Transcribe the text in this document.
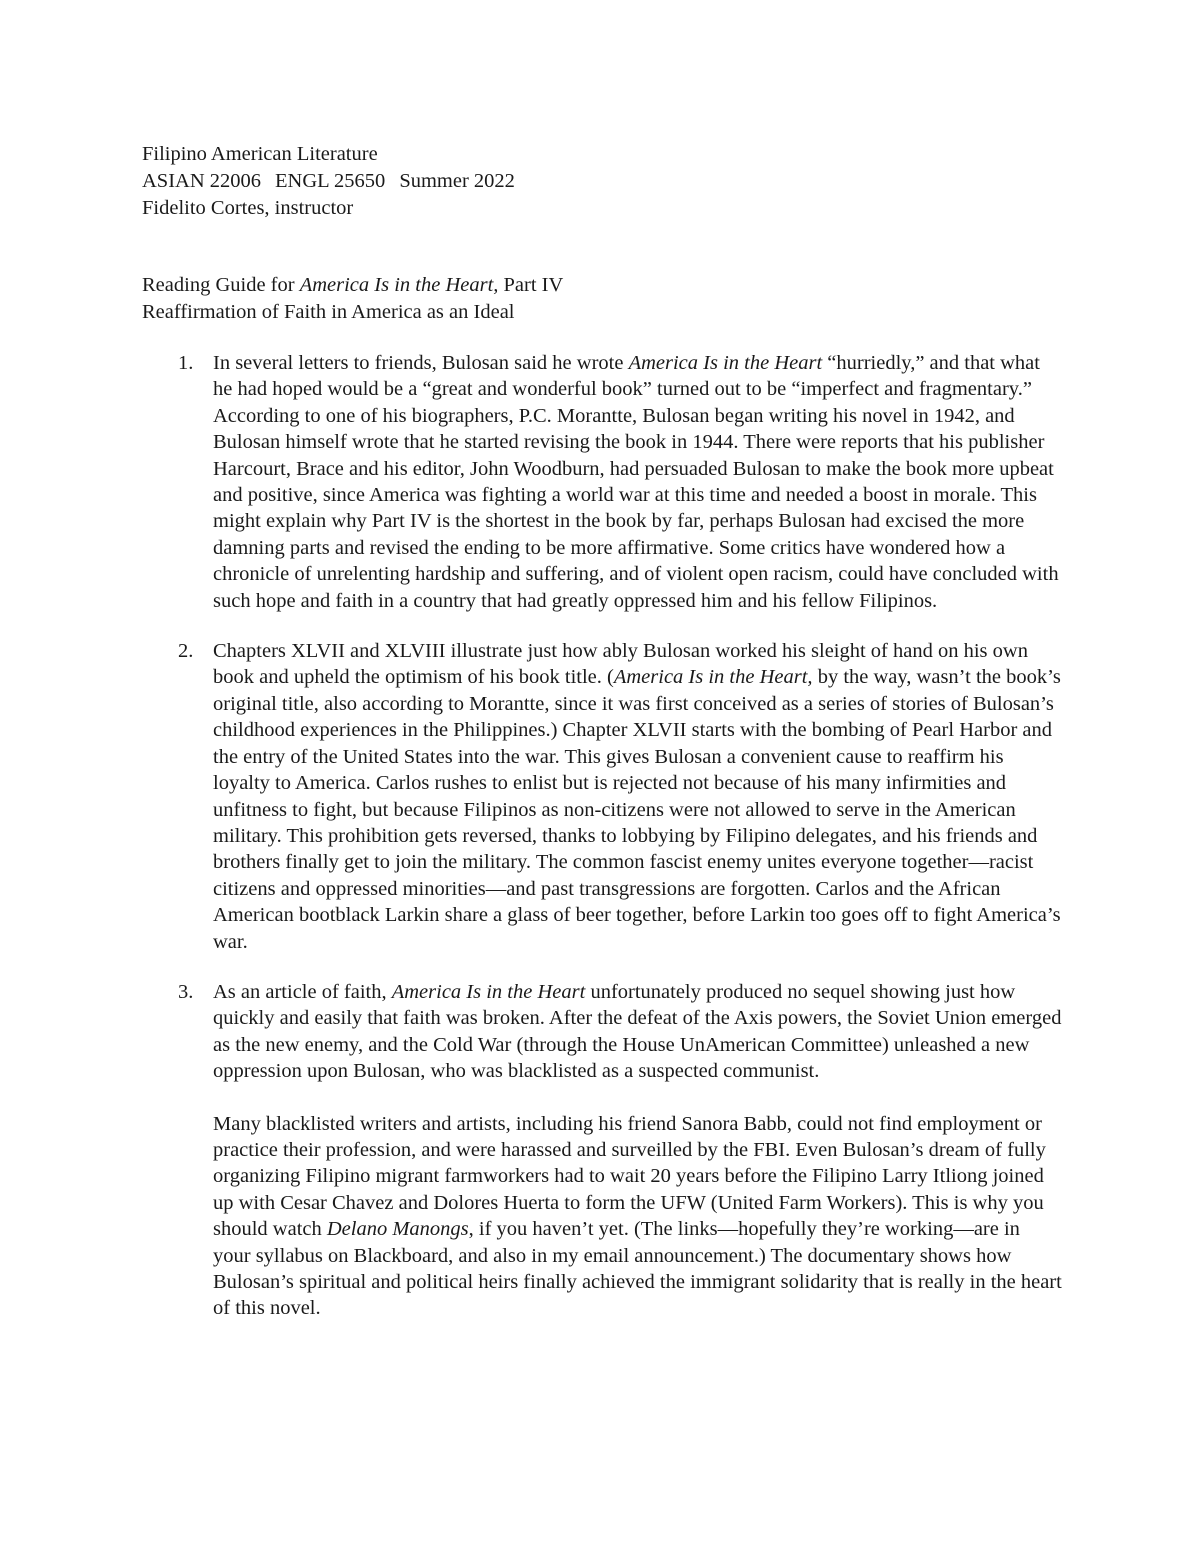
Filipino American Literature

ASIAN 22006 ENGL 25650 Summer 2022

Fidelito Cortes, instructor

Reading Guide for America Is in the Heart, Part IV

Reaffirmation of Faith in America as an Ideal

1. In several letters to friends, Bulosan said he wrote America Is in the Heart “hurriedly,” and that what he had hoped would be a “great and wonderful book” turned out to be “imperfect and fragmentary.” According to one of his biographers, P.C. Morantte, Bulosan began writing his novel in 1942, and Bulosan himself wrote that he started revising the book in 1944. There were reports that his publisher Harcourt, Brace and his editor, John Woodburn, had persuaded Bulosan to make the book more upbeat and positive, since America was fighting a world war at this time and needed a boost in morale. This might explain why Part IV is the shortest in the book by far, perhaps Bulosan had excised the more damning parts and revised the ending to be more affirmative. Some critics have wondered how a chronicle of unrelenting hardship and suffering, and of violent open racism, could have concluded with such hope and faith in a country that had greatly oppressed him and his fellow Filipinos.

2. Chapters XLVII and XLVIII illustrate just how ably Bulosan worked his sleight of hand on his own book and upheld the optimism of his book title. (America Is in the Heart, by the way, wasn’t the book’s original title, also according to Morantte, since it was first conceived as a series of stories of Bulosan’s childhood experiences in the Philippines.) Chapter XLVII starts with the bombing of Pearl Harbor and the entry of the United States into the war. This gives Bulosan a convenient cause to reaffirm his loyalty to America. Carlos rushes to enlist but is rejected not because of his many infirmities and unfitness to fight, but because Filipinos as non-citizens were not allowed to serve in the American military. This prohibition gets reversed, thanks to lobbying by Filipino delegates, and his friends and brothers finally get to join the military. The common fascist enemy unites everyone together—racist citizens and oppressed minorities—and past transgressions are forgotten. Carlos and the African American bootblack Larkin share a glass of beer together, before Larkin too goes off to fight America’s war.

3. As an article of faith, America Is in the Heart unfortunately produced no sequel showing just how quickly and easily that faith was broken. After the defeat of the Axis powers, the Soviet Union emerged as the new enemy, and the Cold War (through the House UnAmerican Committee) unleashed a new oppression upon Bulosan, who was blacklisted as a suspected communist.

Many blacklisted writers and artists, including his friend Sanora Babb, could not find employment or practice their profession, and were harassed and surveilled by the FBI. Even Bulosan’s dream of fully organizing Filipino migrant farmworkers had to wait 20 years before the Filipino Larry Itliong joined up with Cesar Chavez and Dolores Huerta to form the UFW (United Farm Workers). This is why you should watch Delano Manongs, if you haven’t yet. (The links—hopefully they’re working—are in your syllabus on Blackboard, and also in my email announcement.) The documentary shows how Bulosan’s spiritual and political heirs finally achieved the immigrant solidarity that is really in the heart of this novel.
